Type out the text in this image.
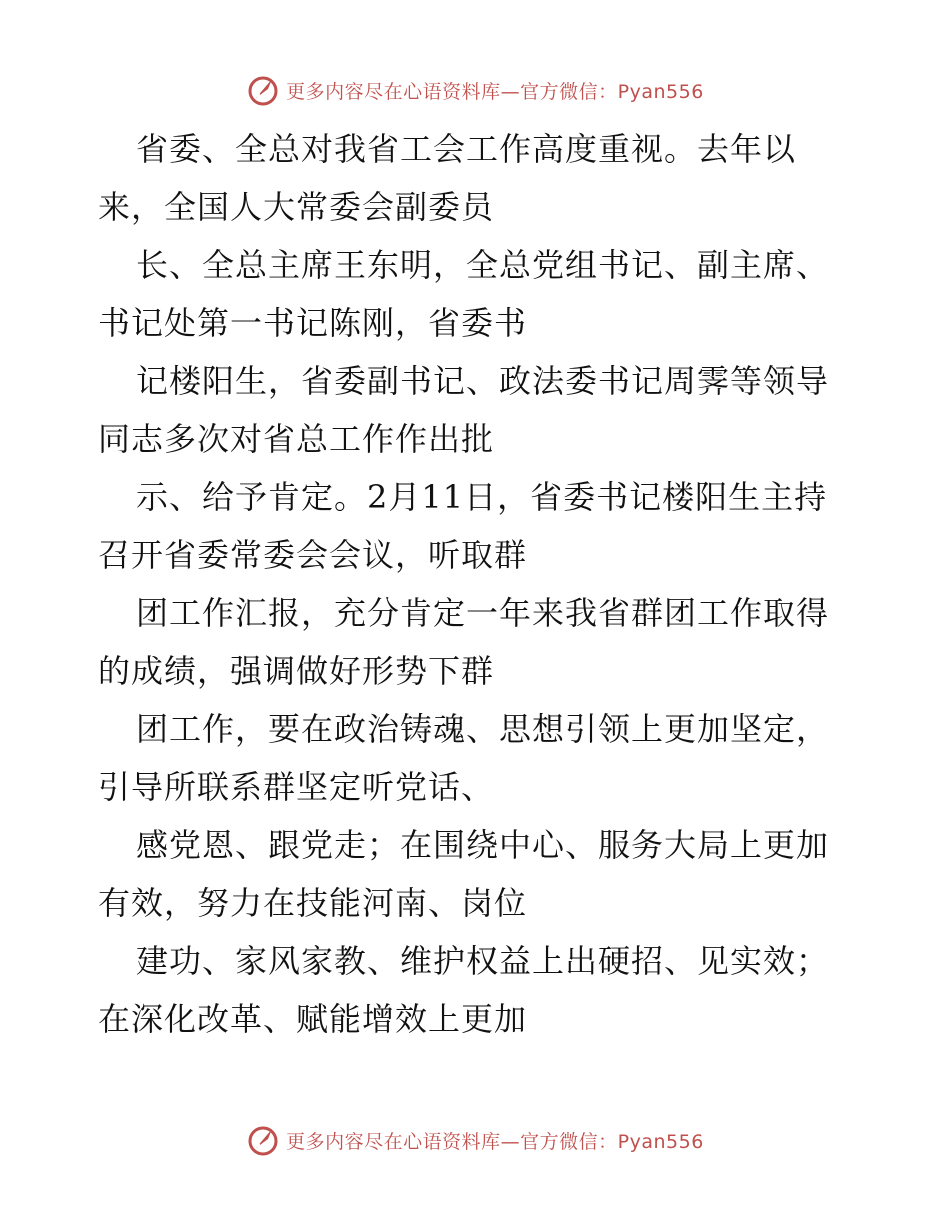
更多内容尽在心语资料库—官方微信：Pyan556
省委、全总对我省工会工作高度重视。去年以
来，全国人大常委会副委员
长、全总主席王东明，全总党组书记、副主席、
书记处第一书记陈刚，省委书
记楼阳生，省委副书记、政法委书记周霁等领导
同志多次对省总工作作出批
示、给予肯定。2月11日，省委书记楼阳生主持
召开省委常委会会议，听取群
团工作汇报，充分肯定一年来我省群团工作取得
的成绩，强调做好形势下群
团工作，要在政治铸魂、思想引领上更加坚定，
引导所联系群坚定听党话、
感党恩、跟党走；在围绕中心、服务大局上更加
有效，努力在技能河南、岗位
建功、家风家教、维护权益上出硬招、见实效；
在深化改革、赋能增效上更加
更多内容尽在心语资料库—官方微信：Pyan556
